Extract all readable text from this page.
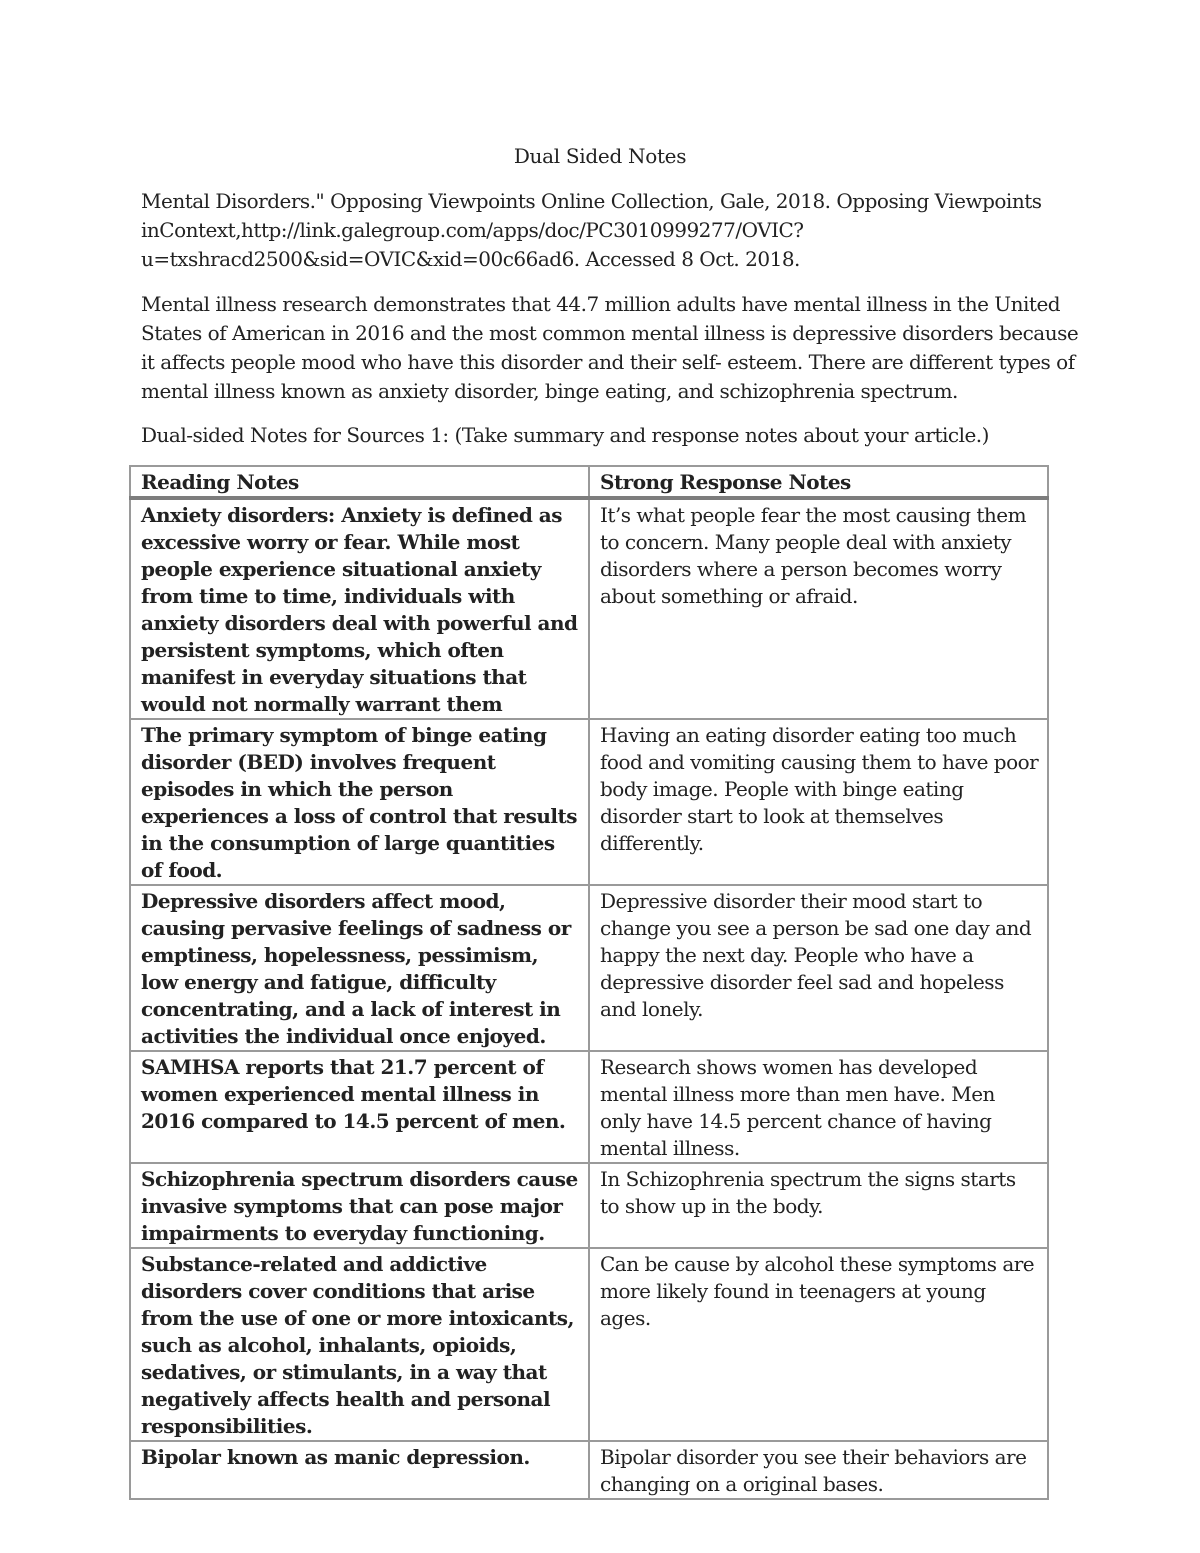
Dual Sided Notes

Mental Disorders." Opposing Viewpoints Online Collection, Gale, 2018. Opposing Viewpoints
inContext,http://link.galegroup.com/apps/doc/PC3010999277/OVIC?
u=txshracd2500&sid=OVIC&xid=00c66ad6. Accessed 8 Oct. 2018.

Mental illness research demonstrates that 44.7 million adults have mental illness in the United
States of American in 2016 and the most common mental illness is depressive disorders because
it affects people mood who have this disorder and their self- esteem. There are different types of
mental illness known as anxiety disorder, binge eating, and schizophrenia spectrum.

Dual-sided Notes for Sources 1: (Take summary and response notes about your article.)
Reading Notes	Strong Response Notes
Anxiety disorders: Anxiety is defined as excessive worry or fear. While most people experience situational anxiety from time to time, individuals with anxiety disorders deal with powerful and persistent symptoms, which often manifest in everyday situations that would not normally warrant them	It’s what people fear the most causing them to concern. Many people deal with anxiety disorders where a person becomes worry about something or afraid.
The primary symptom of binge eating disorder (BED) involves frequent episodes in which the person experiences a loss of control that results in the consumption of large quantities of food.	Having an eating disorder eating too much food and vomiting causing them to have poor body image. People with binge eating disorder start to look at themselves differently.
Depressive disorders affect mood, causing pervasive feelings of sadness or emptiness, hopelessness, pessimism, low energy and fatigue, difficulty concentrating, and a lack of interest in activities the individual once enjoyed.	Depressive disorder their mood start to change you see a person be sad one day and happy the next day. People who have a depressive disorder feel sad and hopeless and lonely.
SAMHSA reports that 21.7 percent of women experienced mental illness in 2016 compared to 14.5 percent of men.	Research shows women has developed mental illness more than men have. Men only have 14.5 percent chance of having mental illness.
Schizophrenia spectrum disorders cause invasive symptoms that can pose major impairments to everyday functioning.	In Schizophrenia spectrum the signs starts to show up in the body.
Substance-related and addictive disorders cover conditions that arise from the use of one or more intoxicants, such as alcohol, inhalants, opioids, sedatives, or stimulants, in a way that negatively affects health and personal responsibilities.	Can be cause by alcohol these symptoms are more likely found in teenagers at young ages.
Bipolar known as manic depression.	Bipolar disorder you see their behaviors are changing on a original bases.
